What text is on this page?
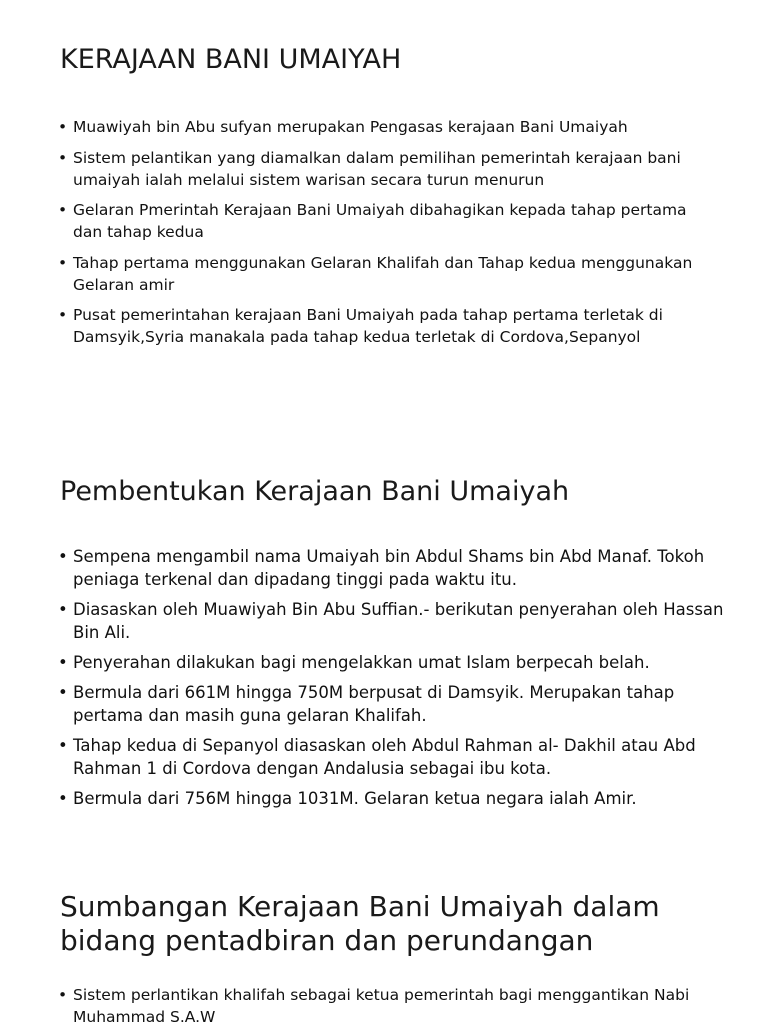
KERAJAAN BANI UMAIYAH
• Muawiyah bin Abu sufyan merupakan Pengasas kerajaan Bani Umaiyah
• Sistem pelantikan yang diamalkan dalam pemilihan pemerintah kerajaan bani umaiyah ialah melalui sistem warisan secara turun menurun
• Gelaran Pmerintah Kerajaan Bani Umaiyah dibahagikan kepada tahap pertama dan tahap kedua
• Tahap pertama menggunakan Gelaran Khalifah dan Tahap kedua menggunakan Gelaran amir
• Pusat pemerintahan kerajaan Bani Umaiyah pada tahap pertama terletak di Damsyik,Syria manakala pada tahap kedua terletak di Cordova,Sepanyol
Pembentukan Kerajaan Bani Umaiyah
• Sempena mengambil nama Umaiyah bin Abdul Shams bin Abd Manaf. Tokoh peniaga terkenal dan dipadang tinggi pada waktu itu.
• Diasaskan oleh Muawiyah Bin Abu Suffian.- berikutan penyerahan oleh Hassan Bin Ali.
• Penyerahan dilakukan bagi mengelakkan umat Islam berpecah belah.
• Bermula dari 661M hingga 750M berpusat di Damsyik. Merupakan tahap pertama dan masih guna gelaran Khalifah.
• Tahap kedua di Sepanyol diasaskan oleh Abdul Rahman al- Dakhil atau Abd Rahman 1 di Cordova dengan Andalusia sebagai ibu kota.
• Bermula dari 756M hingga 1031M. Gelaran ketua negara ialah Amir.
Sumbangan Kerajaan Bani Umaiyah dalam bidang pentadbiran dan perundangan
• Sistem perlantikan khalifah sebagai ketua pemerintah bagi menggantikan Nabi Muhammad S.A.W
